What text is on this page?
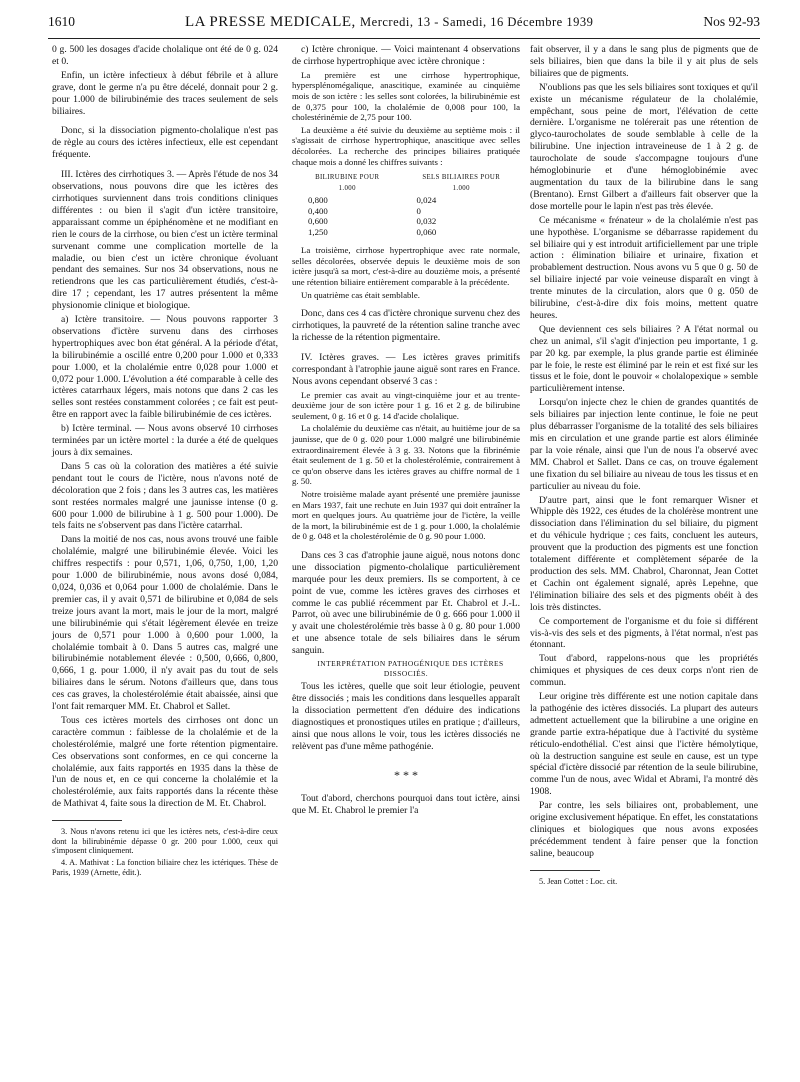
1610	LA PRESSE MEDICALE, Mercredi, 13 - Samedi, 16 Décembre 1939	Nos 92-93

0 g. 500 les dosages d'acide cholalique ont été de 0 g. 024 et 0.

Enfin, un ictère infectieux à début fébrile et à allure grave, dont le germe n'a pu être décelé, donnait pour 2 g. pour 1.000 de bilirubinémie des traces seulement de sels biliaires.

Donc, si la dissociation pigmento-cholalique n'est pas de règle au cours des ictères infectieux, elle est cependant fréquente.

III. Ictères des cirrhotiques 3. — Après l'étude de nos 34 observations, nous pouvons dire que les ictères des cirrhotiques surviennent dans trois conditions cliniques différentes : ou bien il s'agit d'un ictère transitoire, apparaissant comme un épiphénomène et ne modifiant en rien le cours de la cirrhose, ou bien c'est un ictère terminal survenant comme une complication mortelle de la maladie, ou bien c'est un ictère chronique évoluant pendant des semaines. Sur nos 34 observations, nous ne retiendrons que les cas particulièrement étudiés, c'est-à-dire 17 ; cependant, les 17 autres présentent la même physionomie clinique et biologique.

a) Ictère transitoire. — Nous pouvons rapporter 3 observations d'ictère survenu dans des cirrhoses hypertrophiques avec bon état général. A la période d'état, la bilirubinémie a oscillé entre 0,200 pour 1.000 et 0,333 pour 1.000, et la cholalémie entre 0,028 pour 1.000 et 0,072 pour 1.000. L'évolution a été comparable à celle des ictères catarrhaux légers, mais notons que dans 2 cas les selles sont restées constamment colorées ; ce fait est peut-être en rapport avec la faible bilirubinémie de ces ictères.

b) Ictère terminal. — Nous avons observé 10 cirrhoses terminées par un ictère mortel : la durée a été de quelques jours à dix semaines.

Dans 5 cas où la coloration des matières a été suivie pendant tout le cours de l'ictère, nous n'avons noté de décoloration que 2 fois ; dans les 3 autres cas, les matières sont restées normales malgré une jaunisse intense (0 g. 600 pour 1.000 de bilirubine à 1 g. 500 pour 1.000). De tels faits ne s'observent pas dans l'ictère catarrhal.

Dans la moitié de nos cas, nous avons trouvé une faible cholalémie, malgré une bilirubinémie élevée. Voici les chiffres respectifs : pour 0,571, 1,06, 0,750, 1,00, 1,20 pour 1.000 de bilirubinémie, nous avons dosé 0,084, 0,024, 0,036 et 0,064 pour 1.000 de cholalémie. Dans le premier cas, il y avait 0,571 de bilirubine et 0,084 de sels treize jours avant la mort, mais le jour de la mort, malgré une bilirubinémie qui s'était légèrement élevée en treize jours de 0,571 pour 1.000 à 0,600 pour 1.000, la cholalémie tombait à 0. Dans 5 autres cas, malgré une bilirubinémie notablement élevée : 0,500, 0,666, 0,800, 0,666, 1 g. pour 1.000, il n'y avait pas du tout de sels biliaires dans le sérum. Notons d'ailleurs que, dans tous ces cas graves, la cholestérolémie était abaissée, ainsi que l'ont fait remarquer MM. Et. Chabrol et Sallet.

Tous ces ictères mortels des cirrhoses ont donc un caractère commun : faiblesse de la cholalémie et de la cholestérolémie, malgré une forte rétention pigmentaire. Ces observations sont conformes, en ce qui concerne la cholalémie, aux faits rapportés en 1935 dans la thèse de l'un de nous et, en ce qui concerne la cholalémie et la cholestérolémie, aux faits rapportés dans la récente thèse de Mathivat 4, faite sous la direction de M. Et. Chabrol.

3. Nous n'avons retenu ici que les ictères nets, c'est-à-dire ceux dont la bilirubinémie dépasse 0 gr. 200 pour 1.000, ceux qui s'imposent cliniquement.

4. A. Mathivat : La fonction biliaire chez les ictériques. Thèse de Paris, 1939 (Arnette, édit.).

c) Ictère chronique. — Voici maintenant 4 observations de cirrhose hypertrophique avec ictère chronique :

La première est une cirrhose hypertrophique, hypersplénomégalique, anascitique, examinée au cinquième mois de son ictère : les selles sont colorées, la bilirubinémie est de 0,375 pour 100, la cholalémie de 0,008 pour 100, la cholestérinémie de 2,75 pour 100.

La deuxième a été suivie du deuxième au septième mois : il s'agissait de cirrhose hypertrophique, anascitique avec selles décolorées. La recherche des principes biliaires pratiquée chaque mois a donné les chiffres suivants :

BILIRUBINE POUR 1.000	SELS BILIAIRES POUR 1.000
0,800	0,024
0,400	0
0,600	0,032
1,250	0,060

La troisième, cirrhose hypertrophique avec rate normale, selles décolorées, observée depuis le deuxième mois de son ictère jusqu'à sa mort, c'est-à-dire au douzième mois, a présenté une rétention biliaire entièrement comparable à la précédente.

Un quatrième cas était semblable.

Donc, dans ces 4 cas d'ictère chronique survenu chez des cirrhotiques, la pauvreté de la rétention saline tranche avec la richesse de la rétention pigmentaire.

IV. Ictères graves. — Les ictères graves primitifs correspondant à l'atrophie jaune aiguë sont rares en France. Nous avons cependant observé 3 cas :

Le premier cas avait au vingt-cinquième jour et au trente-deuxième jour de son ictère pour 1 g. 16 et 2 g. de bilirubine seulement, 0 g. 16 et 0 g. 14 d'acide cholalique.

La cholalémie du deuxième cas n'était, au huitième jour de sa jaunisse, que de 0 g. 020 pour 1.000 malgré une bilirubinémie extraordinairement élevée à 3 g. 33. Notons que la fibrinémie était seulement de 1 g. 50 et la cholestérolémie, contrairement à ce qu'on observe dans les ictères graves au chiffre normal de 1 g. 50.

Notre troisième malade ayant présenté une première jaunisse en Mars 1937, fait une rechute en Juin 1937 qui doit entraîner la mort en quelques jours. Au quatrième jour de l'ictère, la veille de la mort, la bilirubinémie est de 1 g. pour 1.000, la cholalémie de 0 g. 048 et la cholestérolémie de 0 g. 90 pour 1.000.

Dans ces 3 cas d'atrophie jaune aiguë, nous notons donc une dissociation pigmento-cholalique particulièrement marquée pour les deux premiers. Ils se comportent, à ce point de vue, comme les ictères graves des cirrhoses et comme le cas publié récemment par Et. Chabrol et J.-L. Parrot, où avec une bilirubinémie de 0 g. 666 pour 1.000 il y avait une cholestérolémie très basse à 0 g. 80 pour 1.000 et une absence totale de sels biliaires dans le sérum sanguin.

INTERPRÉTATION PATHOGÉNIQUE DES ICTÈRES DISSOCIÉS.

Tous les ictères, quelle que soit leur étiologie, peuvent être dissociés ; mais les conditions dans lesquelles apparaît la dissociation permettent d'en déduire des indications diagnostiques et pronostiques utiles en pratique ; d'ailleurs, ainsi que nous allons le voir, tous les ictères dissociés ne relèvent pas d'une même pathogénie.

* * *

Tout d'abord, cherchons pourquoi dans tout ictère, ainsi que M. Et. Chabrol le premier l'a

fait observer, il y a dans le sang plus de pigments que de sels biliaires, bien que dans la bile il y ait plus de sels biliaires que de pigments.

N'oublions pas que les sels biliaires sont toxiques et qu'il existe un mécanisme régulateur de la cholalémie, empêchant, sous peine de mort, l'élévation de cette dernière. L'organisme ne tolérerait pas une rétention de glyco-taurocholates de soude semblable à celle de la bilirubine. Une injection intraveineuse de 1 à 2 g. de taurocholate de soude s'accompagne toujours d'une hémoglobinurie et d'une hémoglobinémie avec augmentation du taux de la bilirubine dans le sang (Brentano). Ernst Gilbert a d'ailleurs fait observer que la dose mortelle pour le lapin n'est pas très élevée.

Ce mécanisme « frénateur » de la cholalémie n'est pas une hypothèse. L'organisme se débarrasse rapidement du sel biliaire qui y est introduit artificiellement par une triple action : élimination biliaire et urinaire, fixation et probablement destruction. Nous avons vu 5 que 0 g. 50 de sel biliaire injecté par voie veineuse disparaît en vingt à trente minutes de la circulation, alors que 0 g. 050 de bilirubine, c'est-à-dire dix fois moins, mettent quatre heures.

Que deviennent ces sels biliaires ? A l'état normal ou chez un animal, s'il s'agit d'injection peu importante, 1 g. par 20 kg. par exemple, la plus grande partie est éliminée par le foie, le reste est éliminé par le rein et est fixé sur les tissus et le foie, dont le pouvoir « cholalopexique » semble particulièrement intense.

Lorsqu'on injecte chez le chien de grandes quantités de sels biliaires par injection lente continue, le foie ne peut plus débarrasser l'organisme de la totalité des sels biliaires mis en circulation et une grande partie est alors éliminée par la voie rénale, ainsi que l'un de nous l'a observé avec MM. Chabrol et Sallet. Dans ce cas, on trouve également une fixation du sel biliaire au niveau de tous les tissus et en particulier au niveau du foie.

D'autre part, ainsi que le font remarquer Wisner et Whipple dès 1922, ces études de la cholérèse montrent une dissociation dans l'élimination du sel biliaire, du pigment et du véhicule hydrique ; ces faits, concluent les auteurs, prouvent que la production des pigments est une fonction totalement différente et complètement séparée de la production des sels. MM. Chabrol, Charonnat, Jean Cottet et Cachin ont également signalé, après Lepehne, que l'élimination biliaire des sels et des pigments obéit à des lois très distinctes.

Ce comportement de l'organisme et du foie si différent vis-à-vis des sels et des pigments, à l'état normal, n'est pas étonnant.

Tout d'abord, rappelons-nous que les propriétés chimiques et physiques de ces deux corps n'ont rien de commun.

Leur origine très différente est une notion capitale dans la pathogénie des ictères dissociés. La plupart des auteurs admettent actuellement que la bilirubine a une origine en grande partie extra-hépatique due à l'activité du système réticulo-endothélial. C'est ainsi que l'ictère hémolytique, où la destruction sanguine est seule en cause, est un type spécial d'ictère dissocié par rétention de la seule bilirubine, comme l'un de nous, avec Widal et Abrami, l'a montré dès 1908.

Par contre, les sels biliaires ont, probablement, une origine exclusivement hépatique. En effet, les constatations cliniques et biologiques que nous avons exposées précédemment tendent à faire penser que la fonction saline, beaucoup

5. Jean Cottet : Loc. cit.
